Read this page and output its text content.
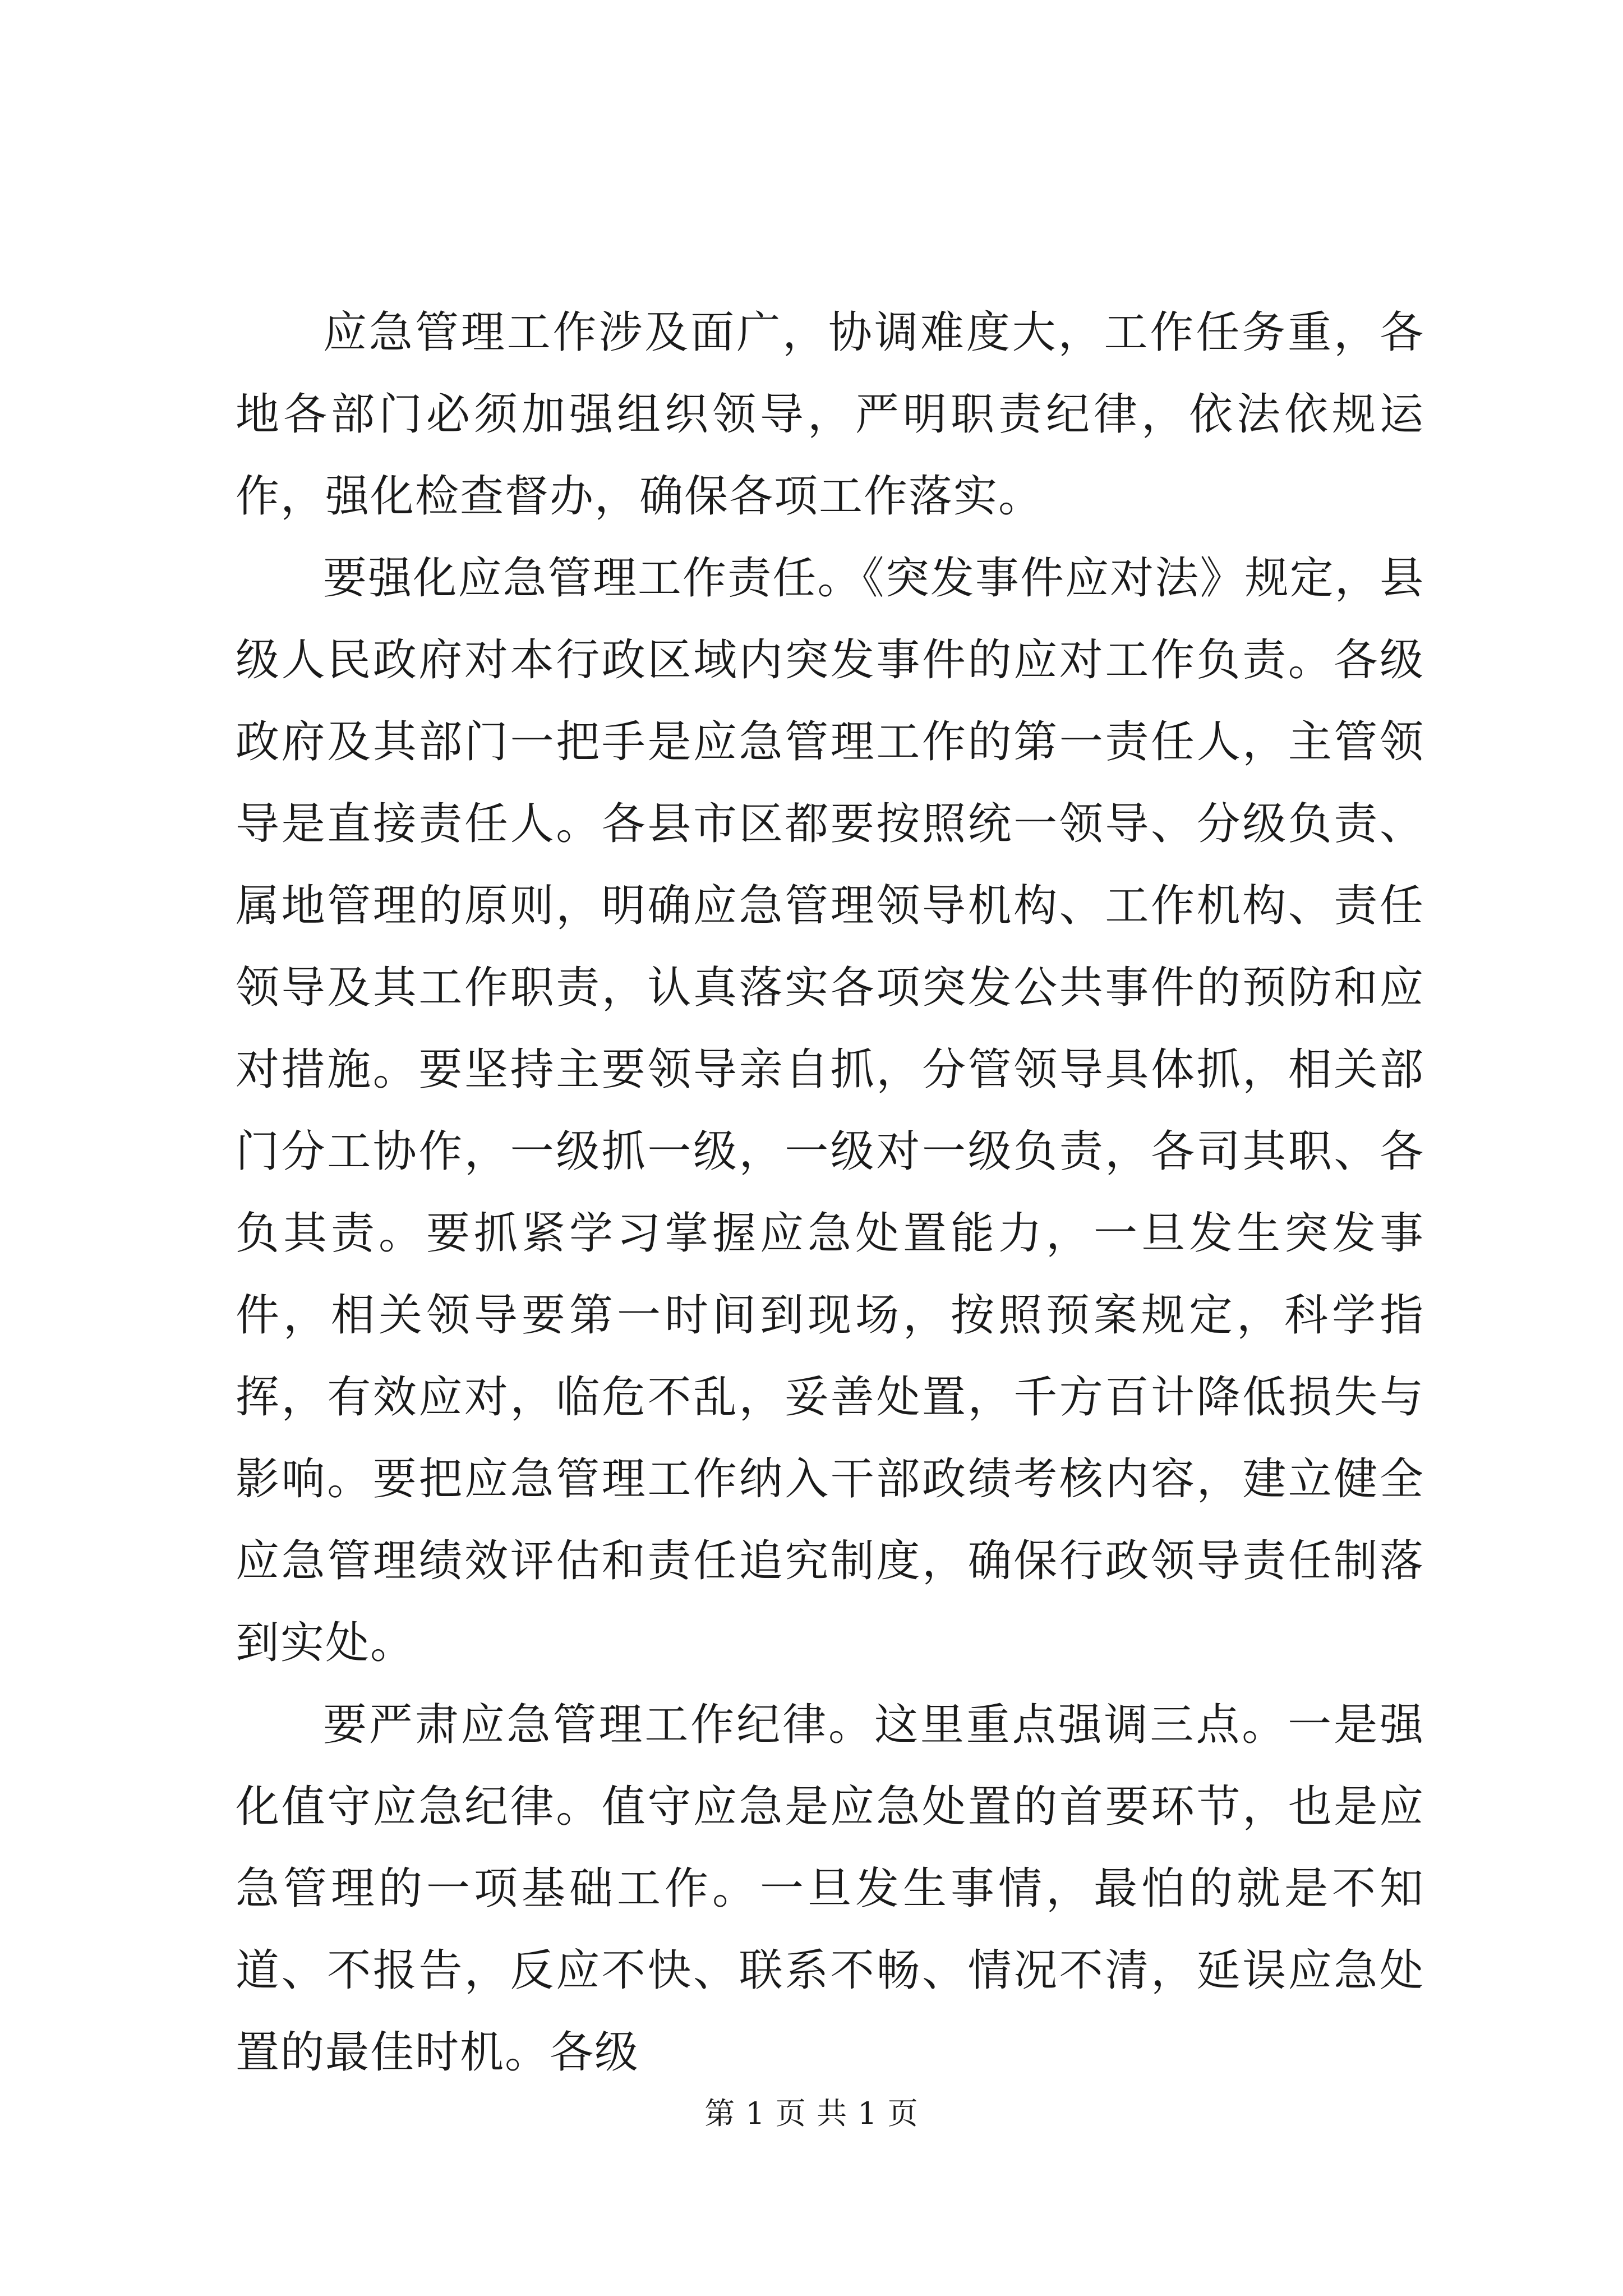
应急管理工作涉及面广，协调难度大，工作任务重，各地各部门必须加强组织领导，严明职责纪律，依法依规运作，强化检查督办，确保各项工作落实。

要强化应急管理工作责任。《突发事件应对法》规定，县级人民政府对本行政区域内突发事件的应对工作负责。各级政府及其部门一把手是应急管理工作的第一责任人，主管领导是直接责任人。各县市区都要按照统一领导、分级负责、属地管理的原则，明确应急管理领导机构、工作机构、责任领导及其工作职责，认真落实各项突发公共事件的预防和应对措施。要坚持主要领导亲自抓，分管领导具体抓，相关部门分工协作，一级抓一级，一级对一级负责，各司其职、各负其责。要抓紧学习掌握应急处置能力，一旦发生突发事件，相关领导要第一时间到现场，按照预案规定，科学指挥，有效应对，临危不乱，妥善处置，千方百计降低损失与影响。要把应急管理工作纳入干部政绩考核内容，建立健全应急管理绩效评估和责任追究制度，确保行政领导责任制落到实处。

要严肃应急管理工作纪律。这里重点强调三点。一是强化值守应急纪律。值守应急是应急处置的首要环节，也是应急管理的一项基础工作。一旦发生事情，最怕的就是不知道、不报告，反应不快、联系不畅、情况不清，延误应急处置的最佳时机。各级

第 1 页 共 1 页
